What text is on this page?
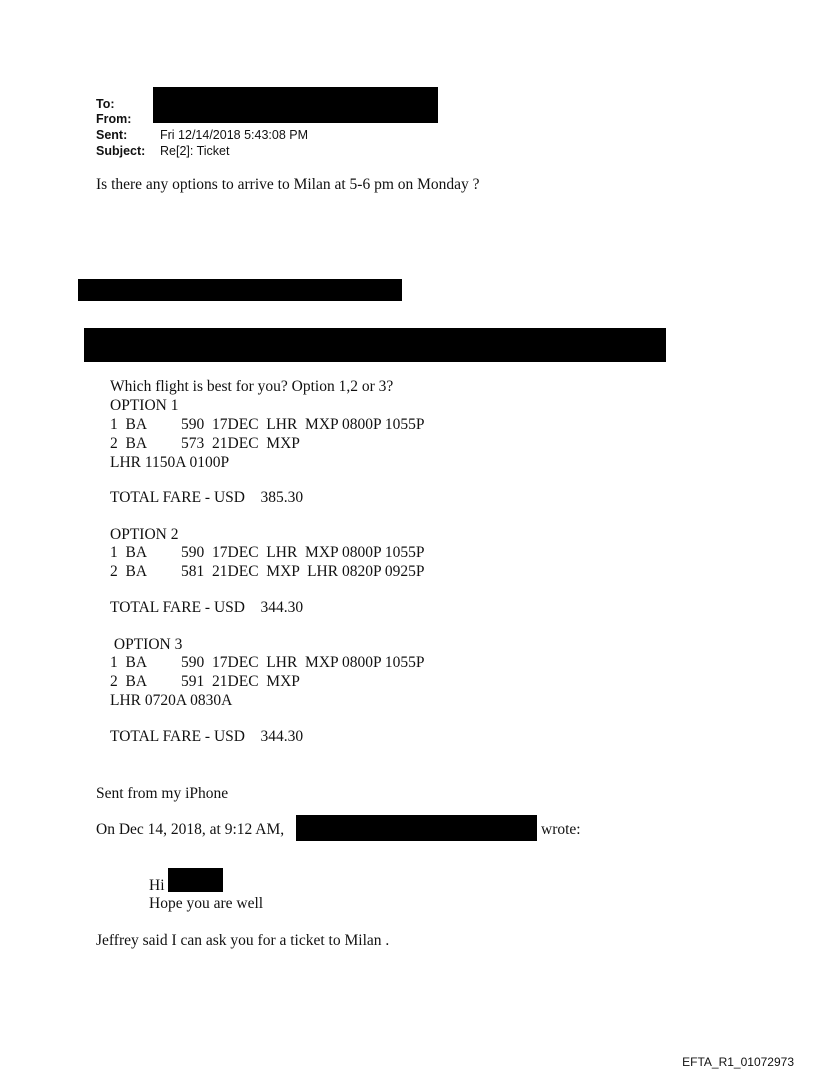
To:
From:
Sent:	Fri 12/14/2018 5:43:08 PM
Subject: Re[2]: Ticket
Is there any options to arrive to Milan at 5-6 pm on Monday ?
Which flight is best for you? Option 1,2 or 3?
OPTION 1
1  BA         590  17DEC  LHR  MXP 0800P 1055P
2  BA         573  21DEC  MXP
LHR 1150A 0100P
TOTAL FARE - USD    385.30
OPTION 2
1  BA         590  17DEC  LHR  MXP 0800P 1055P
2  BA         581  21DEC  MXP  LHR 0820P 0925P
TOTAL FARE - USD    344.30
OPTION 3
1  BA         590  17DEC  LHR  MXP 0800P 1055P
2  BA         591  21DEC  MXP
LHR 0720A 0830A
TOTAL FARE - USD    344.30
Sent from my iPhone
On Dec 14, 2018, at 9:12 AM,	wrote:
Hi
Hope you are well
Jeffrey said I can ask you for a ticket to Milan .
EFTA_R1_01072973
